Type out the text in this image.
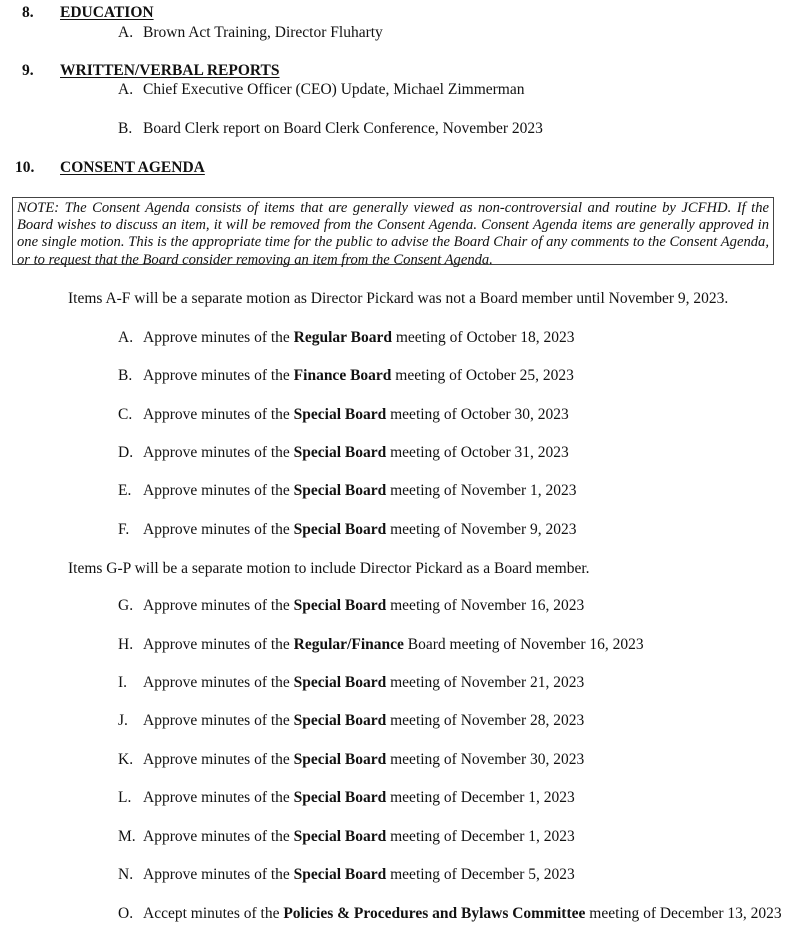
8. EDUCATION
A. Brown Act Training, Director Fluharty
9. WRITTEN/VERBAL REPORTS
A. Chief Executive Officer (CEO) Update, Michael Zimmerman
B. Board Clerk report on Board Clerk Conference, November 2023
10. CONSENT AGENDA
NOTE: The Consent Agenda consists of items that are generally viewed as non-controversial and routine by JCFHD. If the Board wishes to discuss an item, it will be removed from the Consent Agenda. Consent Agenda items are generally approved in one single motion. This is the appropriate time for the public to advise the Board Chair of any comments to the Consent Agenda, or to request that the Board consider removing an item from the Consent Agenda.
Items A-F will be a separate motion as Director Pickard was not a Board member until November 9, 2023.
A. Approve minutes of the Regular Board meeting of October 18, 2023
B. Approve minutes of the Finance Board meeting of October 25, 2023
C. Approve minutes of the Special Board meeting of October 30, 2023
D. Approve minutes of the Special Board meeting of October 31, 2023
E. Approve minutes of the Special Board meeting of November 1, 2023
F. Approve minutes of the Special Board meeting of November 9, 2023
Items G-P will be a separate motion to include Director Pickard as a Board member.
G. Approve minutes of the Special Board meeting of November 16, 2023
H. Approve minutes of the Regular/Finance Board meeting of November 16, 2023
I. Approve minutes of the Special Board meeting of November 21, 2023
J. Approve minutes of the Special Board meeting of November 28, 2023
K. Approve minutes of the Special Board meeting of November 30, 2023
L. Approve minutes of the Special Board meeting of December 1, 2023
M. Approve minutes of the Special Board meeting of December 1, 2023
N. Approve minutes of the Special Board meeting of December 5, 2023
O. Accept minutes of the Policies & Procedures and Bylaws Committee meeting of December 13, 2023
